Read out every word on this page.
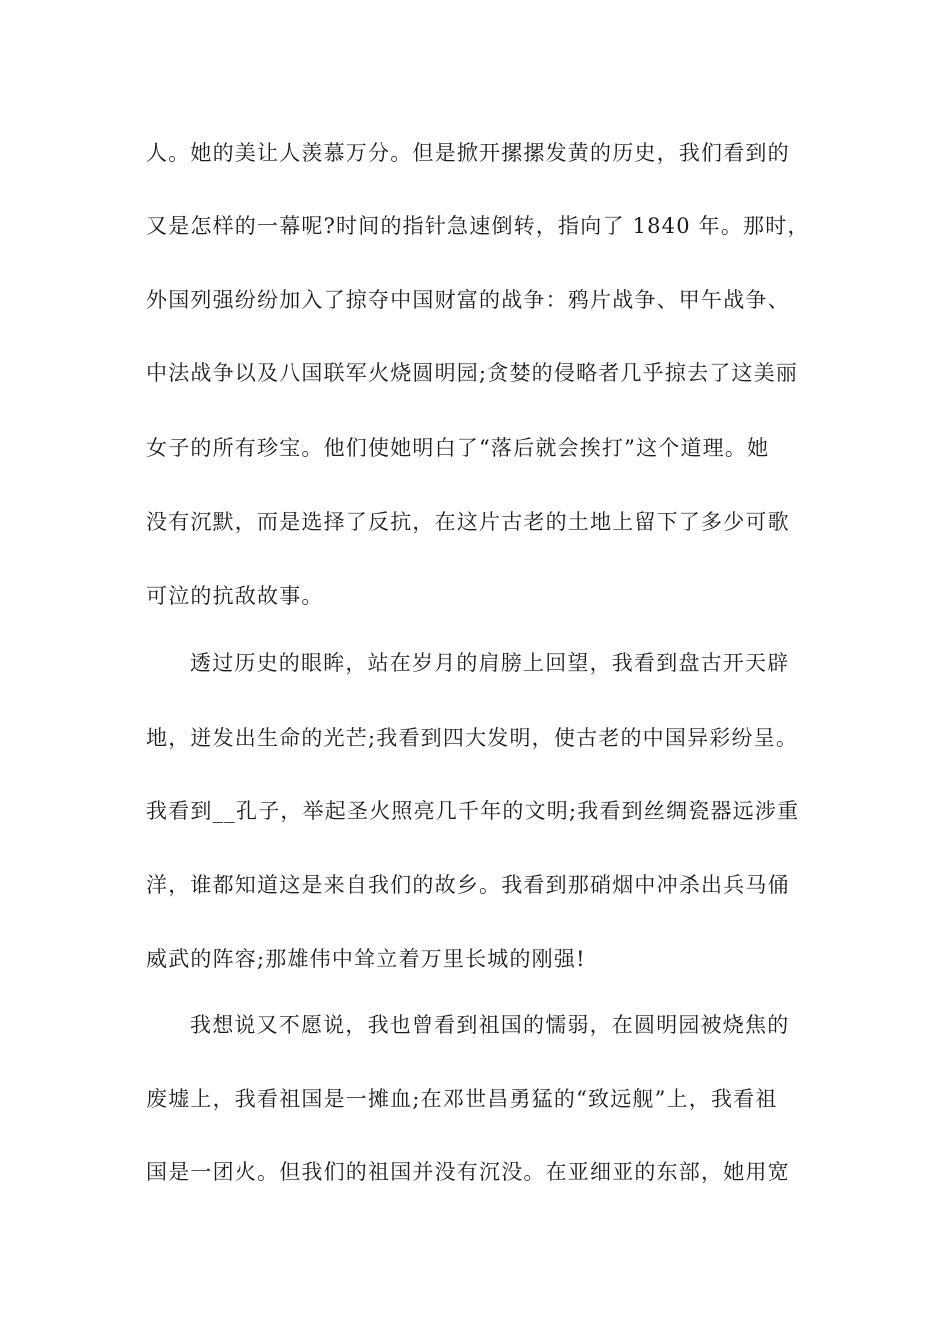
人。她的美让人羡慕万分。但是掀开摞摞发黄的历史，我们看到的

又是怎样的一幕呢?时间的指针急速倒转，指向了 1840 年。那时，

外国列强纷纷加入了掠夺中国财富的战争：鸦片战争、甲午战争、

中法战争以及八国联军火烧圆明园;贪婪的侵略者几乎掠去了这美丽

女子的所有珍宝。他们使她明白了“落后就会挨打”这个道理。她

没有沉默，而是选择了反抗，在这片古老的土地上留下了多少可歌

可泣的抗敌故事。

透过历史的眼眸，站在岁月的肩膀上回望，我看到盘古开天辟

地，迸发出生命的光芒;我看到四大发明，使古老的中国异彩纷呈。

我看到__孔子，举起圣火照亮几千年的文明;我看到丝绸瓷器远涉重

洋，谁都知道这是来自我们的故乡。我看到那硝烟中冲杀出兵马俑

威武的阵容;那雄伟中耸立着万里长城的刚强!

我想说又不愿说，我也曾看到祖国的懦弱，在圆明园被烧焦的

废墟上，我看祖国是一摊血;在邓世昌勇猛的“致远舰”上，我看祖

国是一团火。但我们的祖国并没有沉没。在亚细亚的东部，她用宽
